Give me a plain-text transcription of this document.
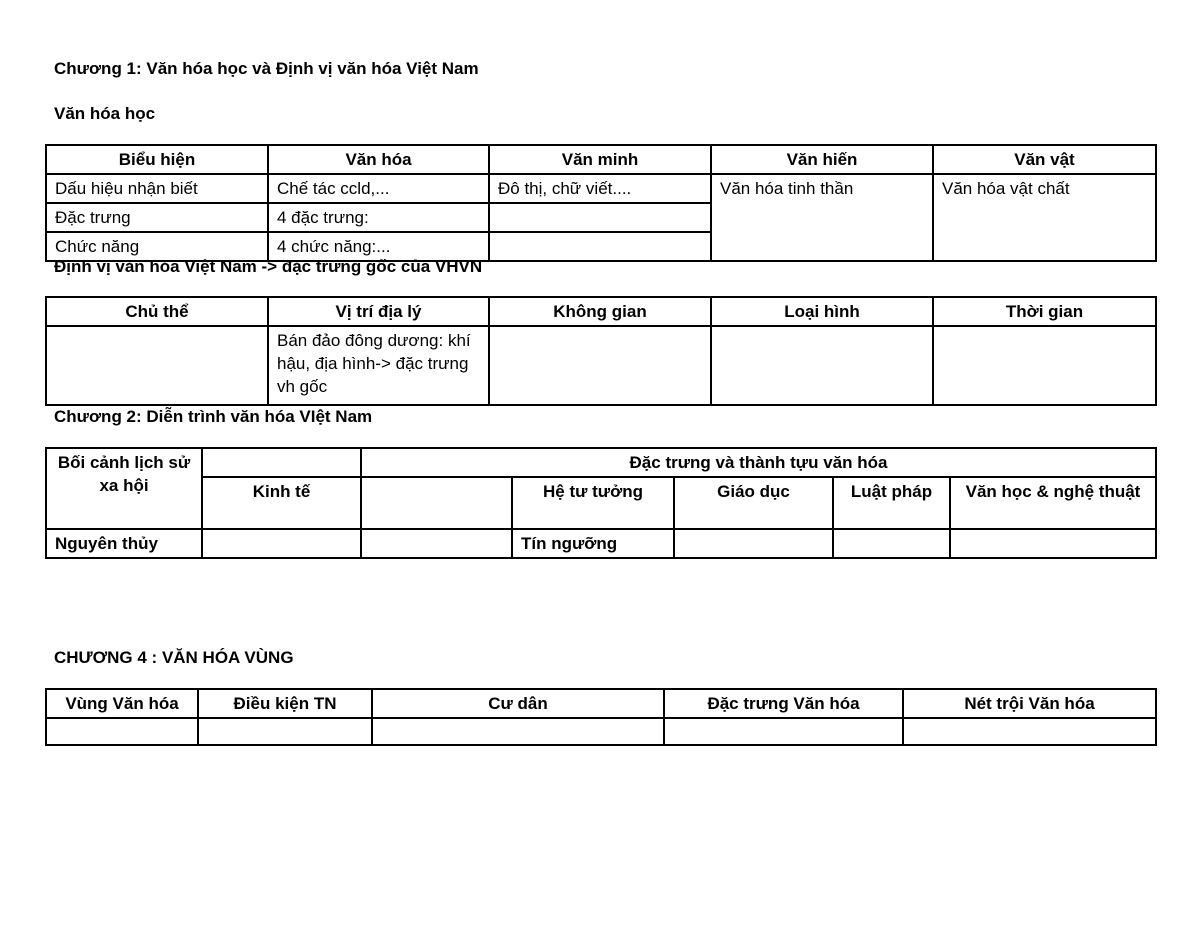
Chương 1: Văn hóa học và Định vị văn hóa Việt Nam
Văn hóa học
Biểu hiện	Văn hóa	Văn minh	Văn hiến	Văn vật
Dấu hiệu nhận biết	Chế tác ccld,...	Đô thị, chữ viết....	Văn hóa tinh thần	Văn hóa vật chất
Đặc trưng	4 đặc trưng:			
Chức năng	4 chức năng:...			
Định vị văn hóa Việt Nam -> đặc trưng gốc của VHVN
Chủ thể	Vị trí địa lý	Không gian	Loại hình	Thời gian
	Bán đảo đông dương: khí hậu, địa hình-> đặc trưng vh gốc			
Chương 2: Diễn trình văn hóa VIệt Nam
Bối cảnh lịch sử xa hội		Đặc trưng và thành tựu văn hóa				
	Kinh tế		Hệ tư tưởng	Giáo dục	Luật pháp	Văn học & nghệ thuật
Nguyên thủy			Tín ngưỡng			
CHƯƠNG 4 : VĂN HÓA VÙNG
Vùng Văn hóa	Điều kiện TN	Cư dân	Đặc trưng Văn hóa	Nét trội Văn hóa
